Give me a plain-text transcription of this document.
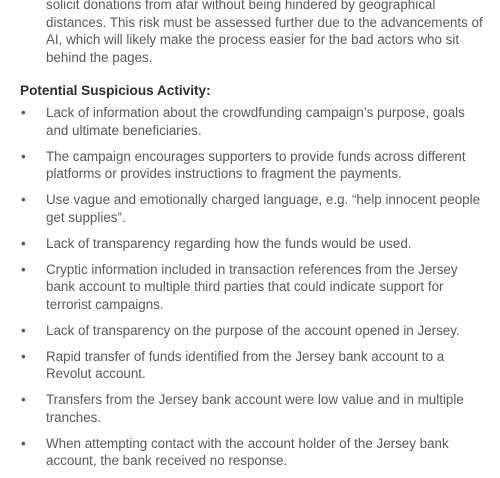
solicit donations from afar without being hindered by geographical distances. This risk must be assessed further due to the advancements of AI, which will likely make the process easier for the bad actors who sit behind the pages.

Potential Suspicious Activity:
• Lack of information about the crowdfunding campaign’s purpose, goals and ultimate beneficiaries.
• The campaign encourages supporters to provide funds across different platforms or provides instructions to fragment the payments.
• Use vague and emotionally charged language, e.g. “help innocent people get supplies”.
• Lack of transparency regarding how the funds would be used.
• Cryptic information included in transaction references from the Jersey bank account to multiple third parties that could indicate support for terrorist campaigns.
• Lack of transparency on the purpose of the account opened in Jersey.
• Rapid transfer of funds identified from the Jersey bank account to a Revolut account.
• Transfers from the Jersey bank account were low value and in multiple tranches.
• When attempting contact with the account holder of the Jersey bank account, the bank received no response.
